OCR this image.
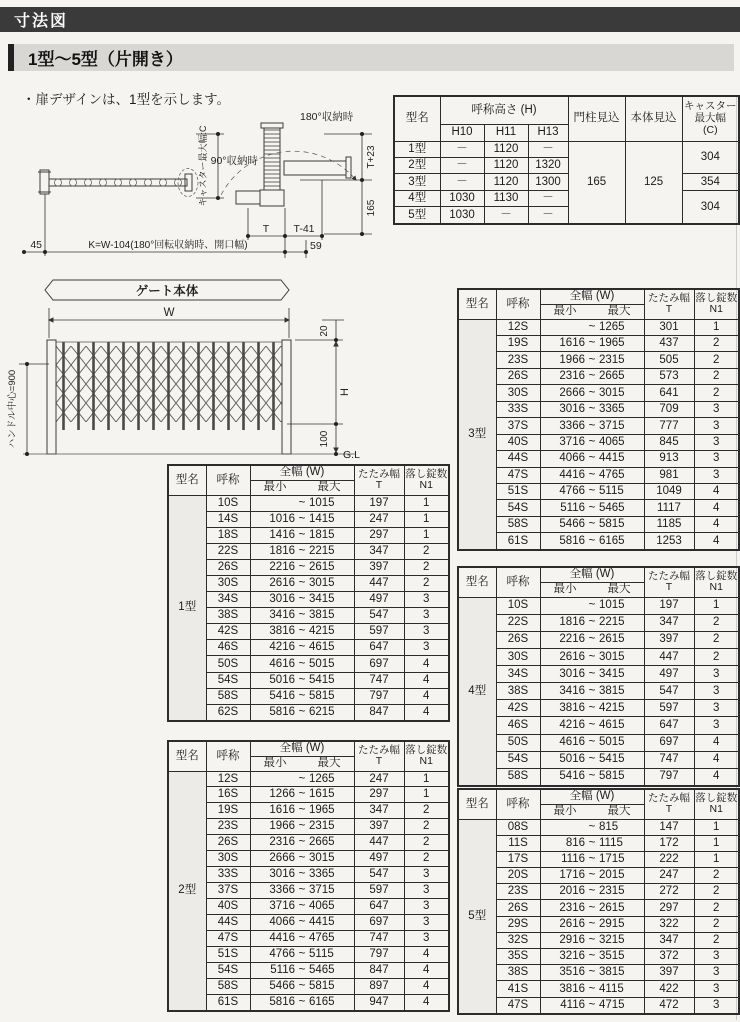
寸法図
1型〜5型（片開き）
・扉デザインは、1型を示します。
キャスター最大幅:C 90°収納時
180°収納時
T+23
165
T T-41
45	K=W-104(180°回転収納時、開口幅)	59
ゲート本体
W
20
H
100
G.L
ハンドル中心=900
型名	呼称高さ (H)			門柱見込	本体見込	キャスター
最大幅
(C)

	H10	H11	H13			
1型	－	1120	－	165	125	304
2型	－	1120	1320			
3型	－	1120	1300			354
4型	1030	1130	－			304
5型	1030	－	－			
型名	呼称	全幅 (W)	たたみ幅
T

落し錠数
N1

		最小 最大		

1型	10S	~ 1015	197	1
	14S	1016 ~ 1415	247	1
	18S	1416 ~ 1815	297	1
	22S	1816 ~ 2215	347	2
	26S	2216 ~ 2615	397	2
	30S	2616 ~ 3015	447	2
	34S	3016 ~ 3415	497	3
	38S	3416 ~ 3815	547	3
	42S	3816 ~ 4215	597	3
	46S	4216 ~ 4615	647	3
	50S	4616 ~ 5015	697	4
	54S	5016 ~ 5415	747	4
	58S	5416 ~ 5815	797	4
	62S	5816 ~ 6215	847	4
型名	呼称	全幅 (W)	たたみ幅
T

落し錠数
N1

		最小 最大		

2型	12S	~ 1265	247	1
	16S	1266 ~ 1615	297	1
	19S	1616 ~ 1965	347	2
	23S	1966 ~ 2315	397	2
	26S	2316 ~ 2665	447	2
	30S	2666 ~ 3015	497	2
	33S	3016 ~ 3365	547	3
	37S	3366 ~ 3715	597	3
	40S	3716 ~ 4065	647	3
	44S	4066 ~ 4415	697	3
	47S	4416 ~ 4765	747	3
	51S	4766 ~ 5115	797	4
	54S	5116 ~ 5465	847	4
	58S	5466 ~ 5815	897	4
	61S	5816 ~ 6165	947	4
型名	呼称	全幅 (W)	たたみ幅
T

落し錠数
N1

		最小 最大		

3型	12S	~ 1265	301	1
	19S	1616 ~ 1965	437	2
	23S	1966 ~ 2315	505	2
	26S	2316 ~ 2665	573	2
	30S	2666 ~ 3015	641	2
	33S	3016 ~ 3365	709	3
	37S	3366 ~ 3715	777	3
	40S	3716 ~ 4065	845	3
	44S	4066 ~ 4415	913	3
	47S	4416 ~ 4765	981	3
	51S	4766 ~ 5115	1049	4
	54S	5116 ~ 5465	1117	4
	58S	5466 ~ 5815	1185	4
	61S	5816 ~ 6165	1253	4
型名	呼称	全幅 (W)	たたみ幅
T

落し錠数
N1

		最小 最大		

4型	10S	~ 1015	197	1
	22S	1816 ~ 2215	347	2
	26S	2216 ~ 2615	397	2
	30S	2616 ~ 3015	447	2
	34S	3016 ~ 3415	497	3
	38S	3416 ~ 3815	547	3
	42S	3816 ~ 4215	597	3
	46S	4216 ~ 4615	647	3
	50S	4616 ~ 5015	697	4
	54S	5016 ~ 5415	747	4
	58S	5416 ~ 5815	797	4
型名	呼称	全幅 (W)	たたみ幅
T

落し錠数
N1

		最小 最大		

5型	08S	~ 815	147	1
	11S	816 ~ 1115	172	1
	17S	1116 ~ 1715	222	1
	20S	1716 ~ 2015	247	2
	23S	2016 ~ 2315	272	2
	26S	2316 ~ 2615	297	2
	29S	2616 ~ 2915	322	2
	32S	2916 ~ 3215	347	2
	35S	3216 ~ 3515	372	3
	38S	3516 ~ 3815	397	3
	41S	3816 ~ 4115	422	3
	47S	4116 ~ 4715	472	3
